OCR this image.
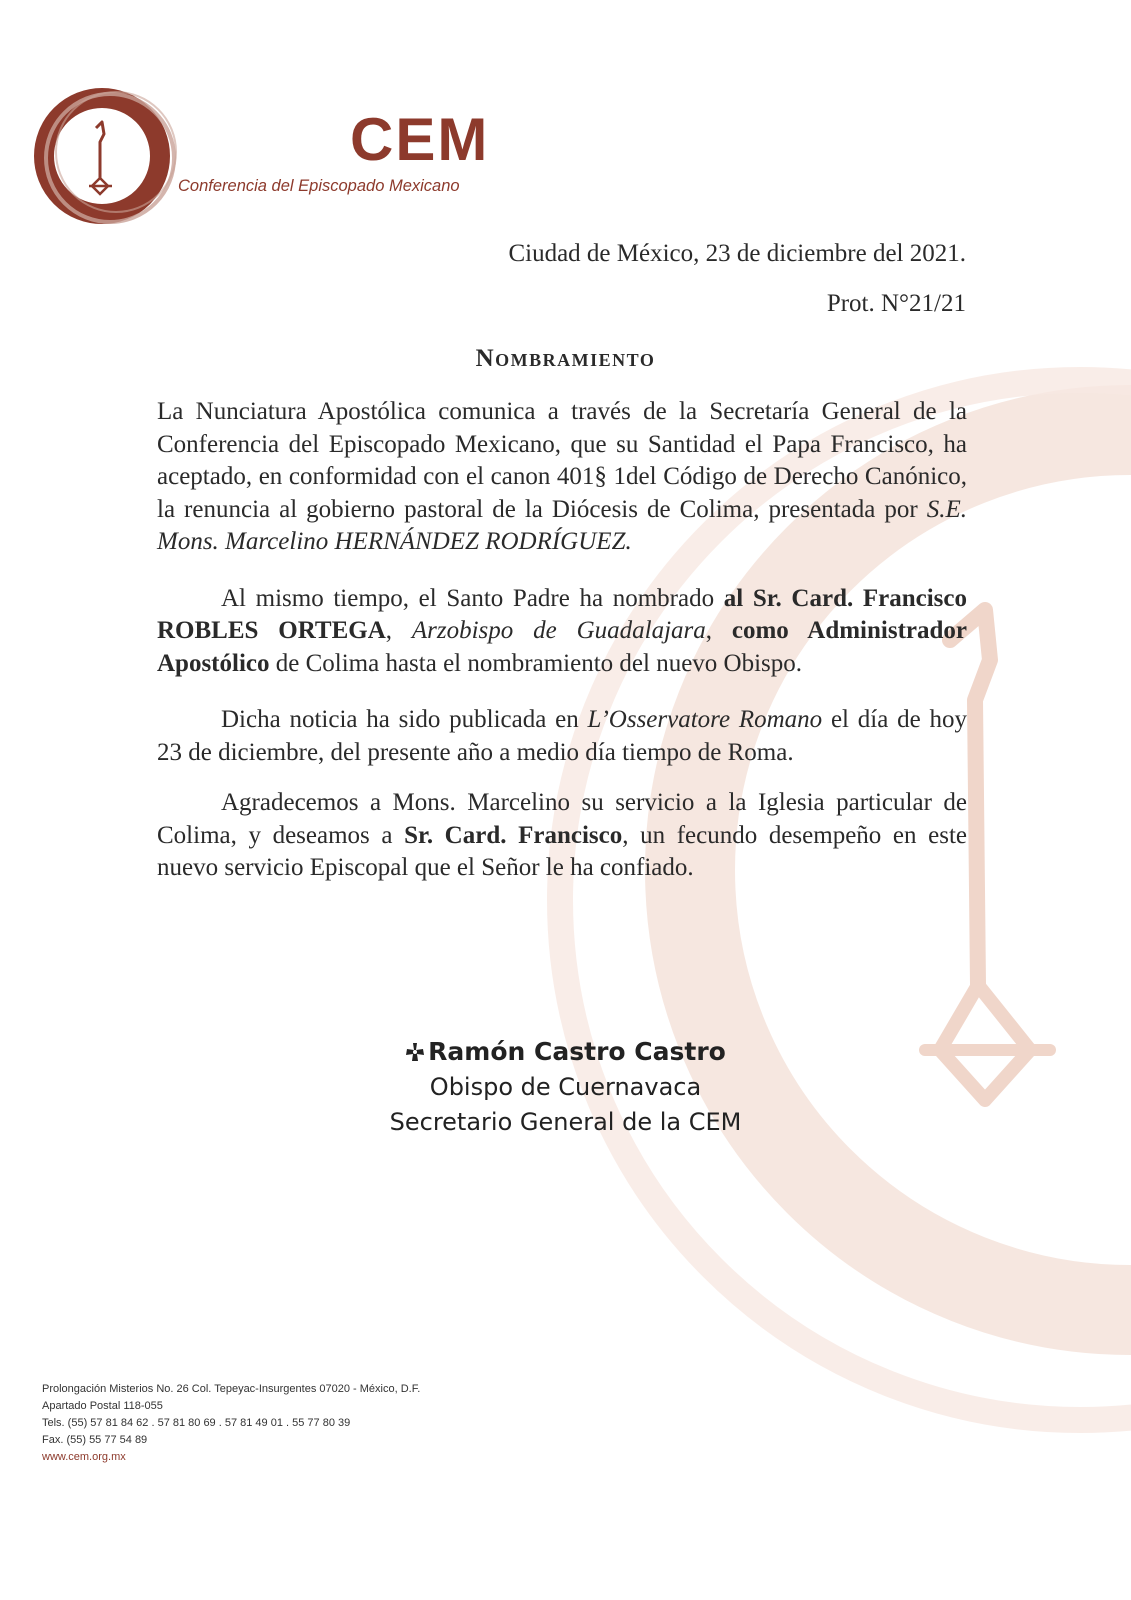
CEM
Conferencia del Episcopado Mexicano
Ciudad de México, 23 de diciembre del 2021.
Prot. N°21/21
Nombramiento

La Nunciatura Apostólica comunica a través de la Secretaría General de la Conferencia del Episcopado Mexicano, que su Santidad el Papa Francisco, ha aceptado, en conformidad con el canon 401§ 1del Código de Derecho Canónico, la renuncia al gobierno pastoral de la Diócesis de Colima, presentada por S.E. Mons. Marcelino HERNÁNDEZ RODRÍGUEZ.

Al mismo tiempo, el Santo Padre ha nombrado al Sr. Card. Francisco ROBLES ORTEGA, Arzobispo de Guadalajara, como Administrador Apostólico de Colima hasta el nombramiento del nuevo Obispo.

Dicha noticia ha sido publicada en L’Osservatore Romano el día de hoy 23 de diciembre, del presente año a medio día tiempo de Roma.

Agradecemos a Mons. Marcelino su servicio a la Iglesia particular de Colima, y deseamos a Sr. Card. Francisco, un fecundo desempeño en este nuevo servicio Episcopal que el Señor le ha confiado.

Ramón Castro Castro
Obispo de Cuernavaca
Secretario General de la CEM
Prolongación Misterios No. 26 Col. Tepeyac-Insurgentes 07020 - México, D.F.
Apartado Postal 118-055
Tels. (55) 57 81 84 62 . 57 81 80 69 . 57 81 49 01 . 55 77 80 39
Fax. (55) 55 77 54 89
www.cem.org.mx
